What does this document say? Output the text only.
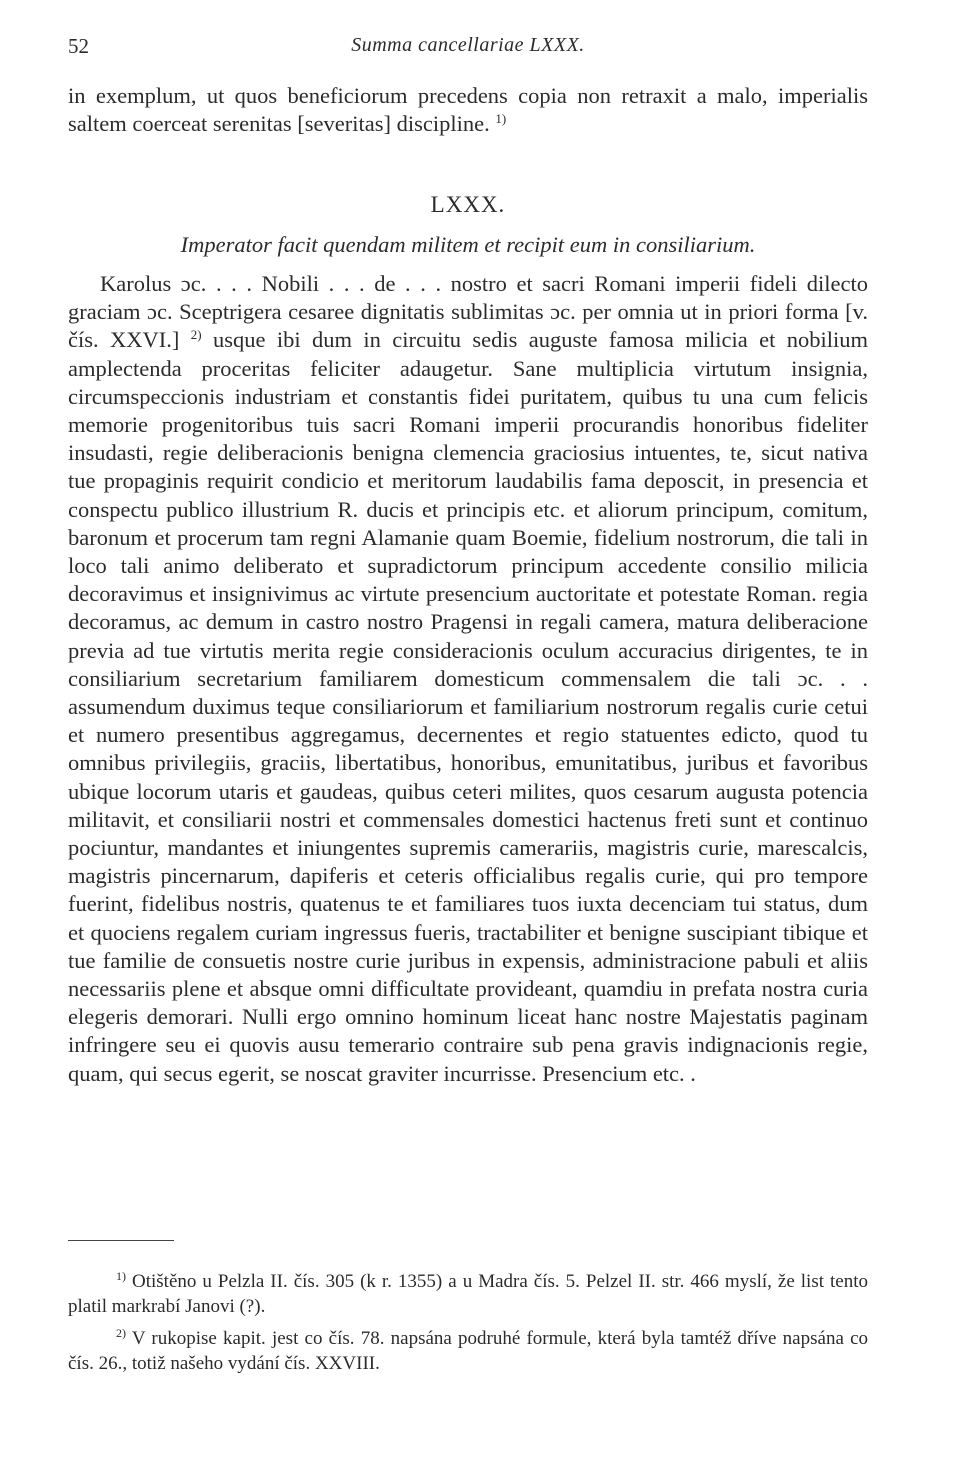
52	Summa cancellariae LXXX.

in exemplum, ut quos beneficiorum precedens copia non retraxit a malo, imperialis saltem coerceat serenitas [severitas] discipline. $^{1)}$

LXXX.
Imperator facit quendam militem et recipit eum in consiliarium.

Karolus ɔc. . . . Nobili . . . de . . . nostro et sacri Romani imperii fideli dilecto graciam ɔc. Sceptrigera cesaree dignitatis sublimitas ɔc. per omnia ut in priori forma [v. čís. XXVI.] $^{2)}$ usque ibi dum in circuitu sedis auguste famosa milicia et nobilium amplectenda proceritas feliciter adaugetur. Sane multiplicia virtutum insignia, circumspeccionis industriam et constantis fidei puritatem, quibus tu una cum felicis memorie progenitoribus tuis sacri Romani imperii procurandis honoribus fideliter insudasti, regie deliberacionis benigna clemencia graciosius intuentes, te, sicut nativa tue propaginis requirit condicio et meritorum laudabilis fama deposcit, in presencia et conspectu publico illustrium R. ducis et principis etc. et aliorum principum, comitum, baronum et procerum tam regni Alamanie quam Boemie, fidelium nostrorum, die tali in loco tali animo deliberato et supradictorum principum accedente consilio milicia decoravimus et insignivimus ac virtute presencium auctoritate et potestate Roman. regia decoramus, ac demum in castro nostro Pragensi in regali camera, matura deliberacione previa ad tue virtutis merita regie consideracionis oculum accuracius dirigentes, te in consiliarium secretarium familiarem domesticum commensalem die tali ɔc. . . assumendum duximus teque consiliariorum et familiarium nostrorum regalis curie cetui et numero presentibus aggregamus, decernentes et regio statuentes edicto, quod tu omnibus privilegiis, graciis, libertatibus, honoribus, emunitatibus, juribus et favoribus ubique locorum utaris et gaudeas, quibus ceteri milites, quos cesarum augusta potencia militavit, et consiliarii nostri et commensales domestici hactenus freti sunt et continuo pociuntur, mandantes et iniungentes supremis camerariis, magistris curie, marescalcis, magistris pincernarum, dapiferis et ceteris officialibus regalis curie, qui pro tempore fuerint, fidelibus nostris, quatenus te et familiares tuos iuxta decenciam tui status, dum et quociens regalem curiam ingressus fueris, tractabiliter et benigne suscipiant tibique et tue familie de consuetis nostre curie juribus in expensis, administracione pabuli et aliis necessariis plene et absque omni difficultate provideant, quamdiu in prefata nostra curia elegeris demorari. Nulli ergo omnino hominum liceat hanc nostre Majestatis paginam infringere seu ei quovis ausu temerario contraire sub pena gravis indignacionis regie, quam, qui secus egerit, se noscat graviter incurrisse. Presencium etc. .

$^{1)}$ Otištěno u Pelzla II. čís. 305 (k r. 1355) a u Madra čís. 5. Pelzel II. str. 466 myslí, že list tento platil markrabí Janovi (?).

$^{2)}$ V rukopise kapit. jest co čís. 78. napsána podruhé formule, která byla tamtéž dříve napsána co čís. 26., totiž našeho vydání čís. XXVIII.
